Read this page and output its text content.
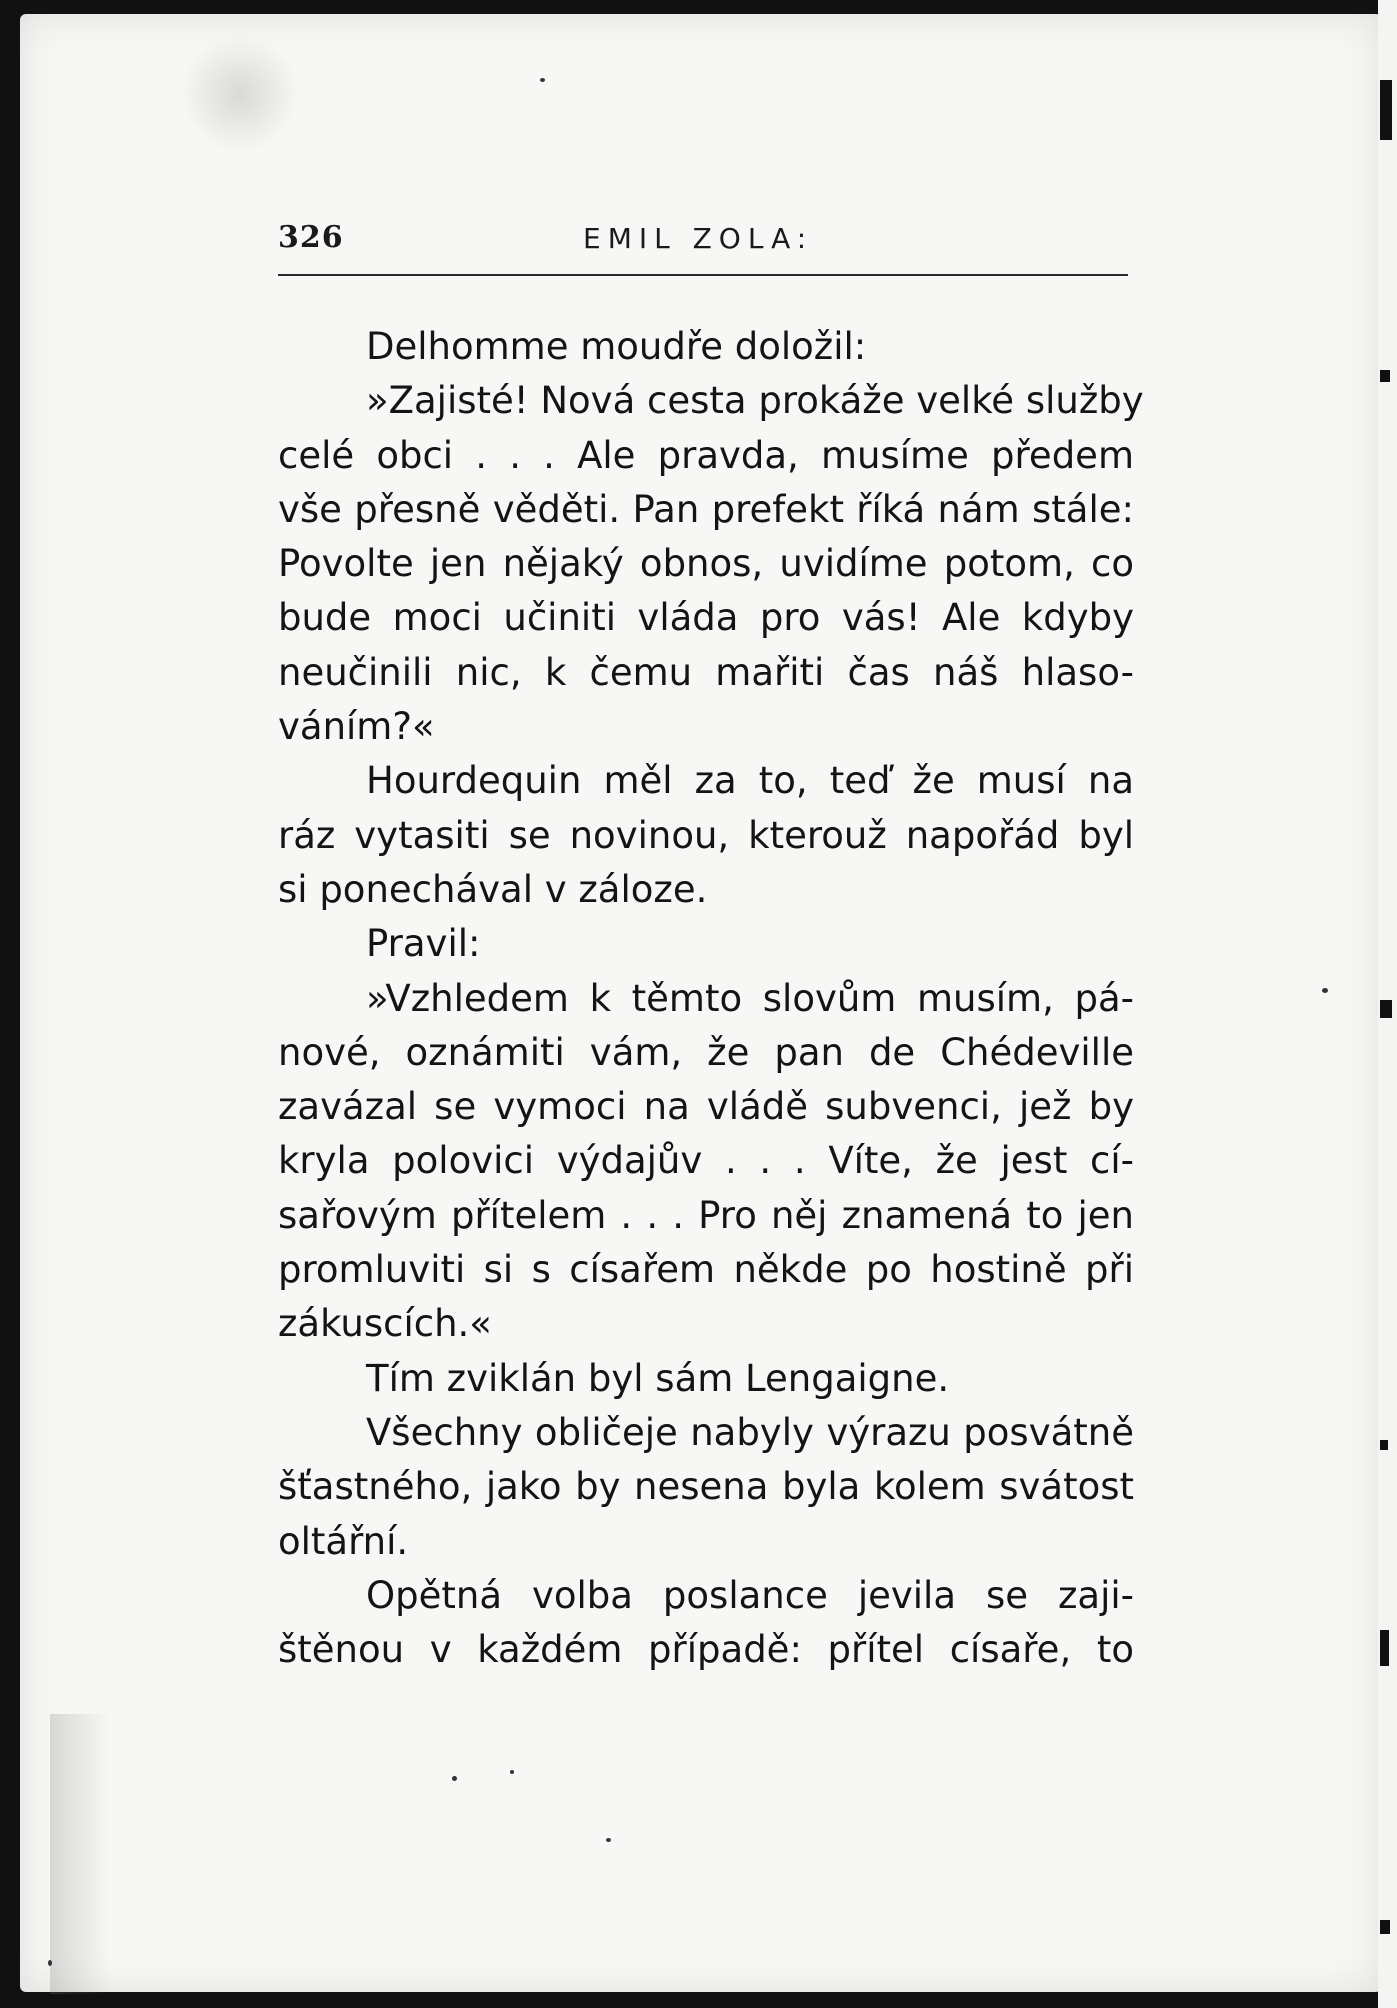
326	EMIL ZOLA:
Delhomme moudře doložil:
»Zajisté! Nová cesta prokáže velké služby
celé obci . . . Ale pravda, musíme předem
vše přesně věděti. Pan prefekt říká nám stále:
Povolte jen nějaký obnos, uvidíme potom, co
bude moci učiniti vláda pro vás! Ale kdyby
neučinili nic, k čemu mařiti čas náš hlaso-
váním?«
Hourdequin měl za to, teď že musí na
ráz vytasiti se novinou, kterouž napořád byl
si ponechával v záloze.
Pravil:
»Vzhledem k těmto slovům musím, pá-
nové, oznámiti vám, že pan de Chédeville
zavázal se vymoci na vládě subvenci, jež by
kryla polovici výdajův . . . Víte, že jest cí-
sařovým přítelem . . . Pro něj znamená to jen
promluviti si s císařem někde po hostině při
zákuscích.«
Tím zviklán byl sám Lengaigne.
Všechny obličeje nabyly výrazu posvátně
šťastného, jako by nesena byla kolem svátost
oltářní.
Opětná volba poslance jevila se zaji-
štěnou v každém případě: přítel císaře, to
